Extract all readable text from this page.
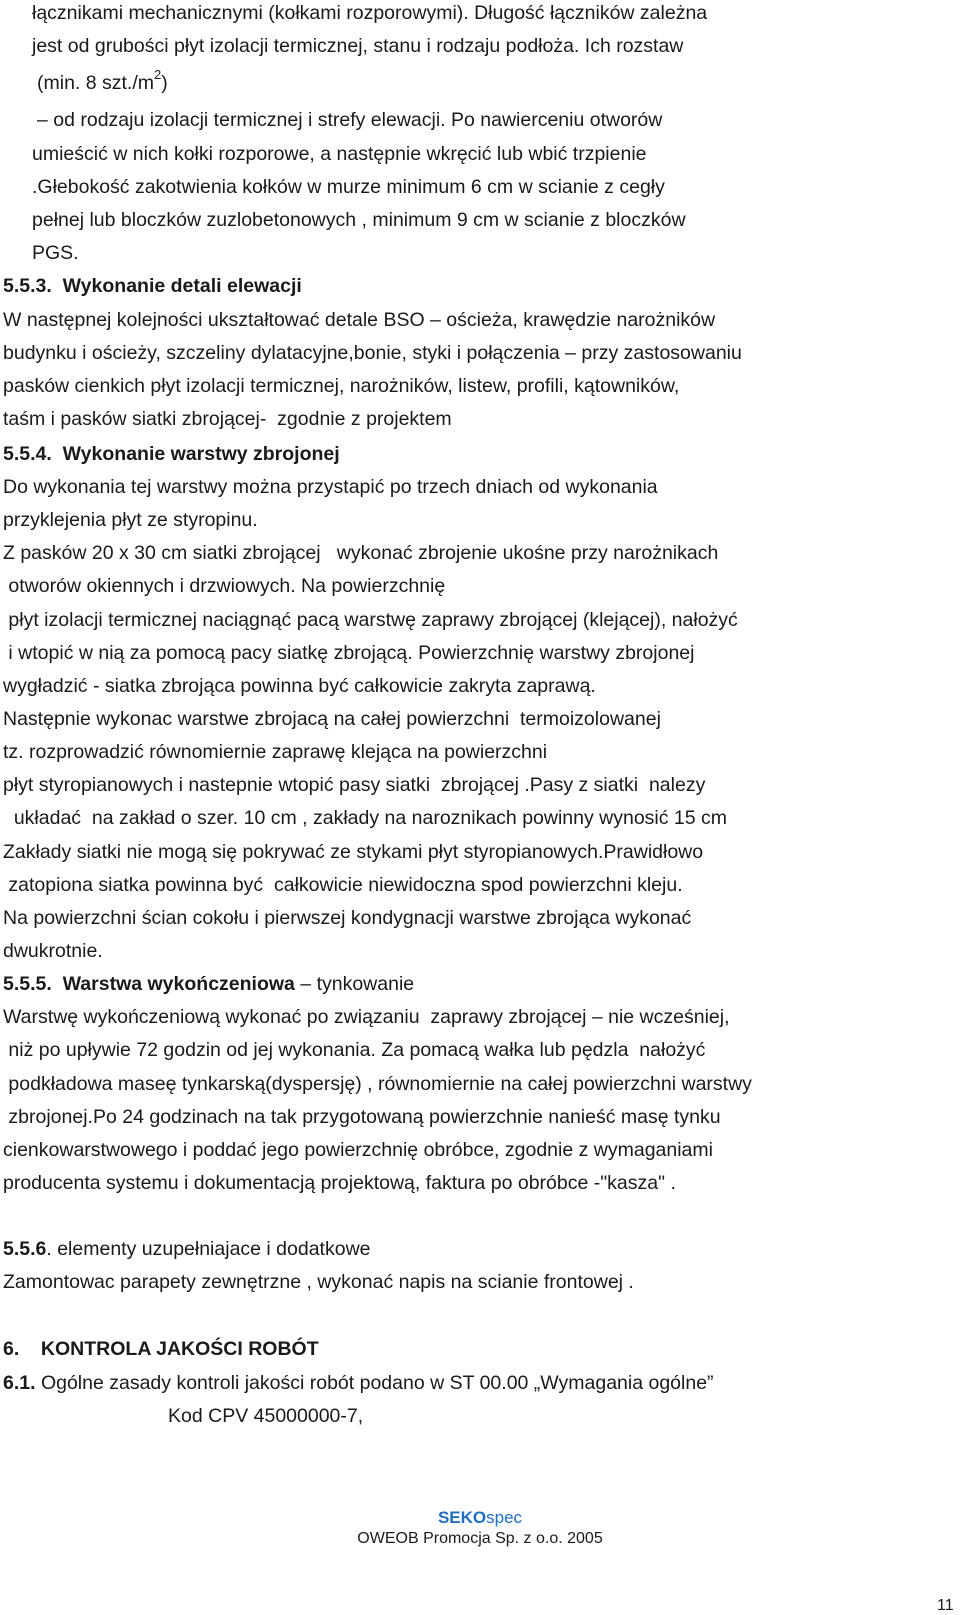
łącznikami mechanicznymi (kołkami rozporowymi). Długość łączników zależna
jest od grubości płyt izolacji termicznej, stanu i rodzaju podłoża. Ich rozstaw
(min. 8 $szt./m^2$)
– od rodzaju izolacji termicznej i strefy elewacji. Po nawierceniu otworów
umieścić w nich kołki rozporowe, a następnie wkręcić lub wbić trzpienie
.Głebokość zakotwienia kołków w murze minimum 6 cm w scianie z cegły
pełnej lub bloczków zuzlobetonowych , minimum 9 cm w scianie z bloczków
PGS.
5.5.3.  Wykonanie detali elewacji
W następnej kolejności ukształtować detale BSO – ościeża, krawędzie narożników
budynku i ościeży, szczeliny dylatacyjne,bonie, styki i połączenia – przy zastosowaniu
pasków cienkich płyt izolacji termicznej, narożników, listew, profili, kątowników,
taśm i pasków siatki zbrojącej-  zgodnie z projektem
5.5.4.  Wykonanie warstwy zbrojonej
Do wykonania tej warstwy można przystapić po trzech dniach od wykonania
przyklejenia płyt ze styropinu.
Z pasków 20 x 30 cm siatki zbrojącej   wykonać zbrojenie ukośne przy narożnikach
otworów okiennych i drzwiowych. Na powierzchnię
płyt izolacji termicznej naciągnąć pacą warstwę zaprawy zbrojącej (klejącej), nałożyć
i wtopić w nią za pomocą pacy siatkę zbrojącą. Powierzchnię warstwy zbrojonej
wygładzić - siatka zbrojąca powinna być całkowicie zakryta zaprawą.
Następnie wykonac warstwe zbrojacą na całej powierzchni  termoizolowanej
tz. rozprowadzić równomiernie zaprawę klejąca na powierzchni
płyt styropianowych i nastepnie wtopić pasy siatki  zbrojącej .Pasy z siatki  nalezy
układać  na zakład o szer. 10 cm , zakłady na naroznikach powinny wynosić 15 cm
Zakłady siatki nie mogą się pokrywać ze stykami płyt styropianowych.Prawidłowo
zatopiona siatka powinna być  całkowicie niewidoczna spod powierzchni kleju.
Na powierzchni ścian cokołu i pierwszej kondygnacji warstwe zbrojąca wykonać
dwukrotnie.
5.5.5.  Warstwa wykończeniowa – tynkowanie
Warstwę wykończeniową wykonać po związaniu  zaprawy zbrojącej – nie wcześniej,
niż po upływie 72 godzin od jej wykonania. Za pomacą wałka lub pędzla  nałożyć
podkładowa maseę tynkarską(dyspersję) , równomiernie na całej powierzchni warstwy
zbrojonej.Po 24 godzinach na tak przygotowaną powierzchnie nanieść masę tynku
cienkowarstwowego i poddać jego powierzchnię obróbce, zgodnie z wymaganiami
producenta systemu i dokumentacją projektową, faktura po obróbce -"kasza" .
5.5.6. elementy uzupełniajace i dodatkowe
Zamontowac parapety zewnętrzne , wykonać napis na scianie frontowej .
6.    KONTROLA JAKOŚCI ROBÓT
6.1. Ogólne zasady kontroli jakości robót podano w ST 00.00 „Wymagania ogólne”
Kod CPV 45000000-7,
SEKOspec
OWEOB Promocja Sp. z o.o. 2005
11
